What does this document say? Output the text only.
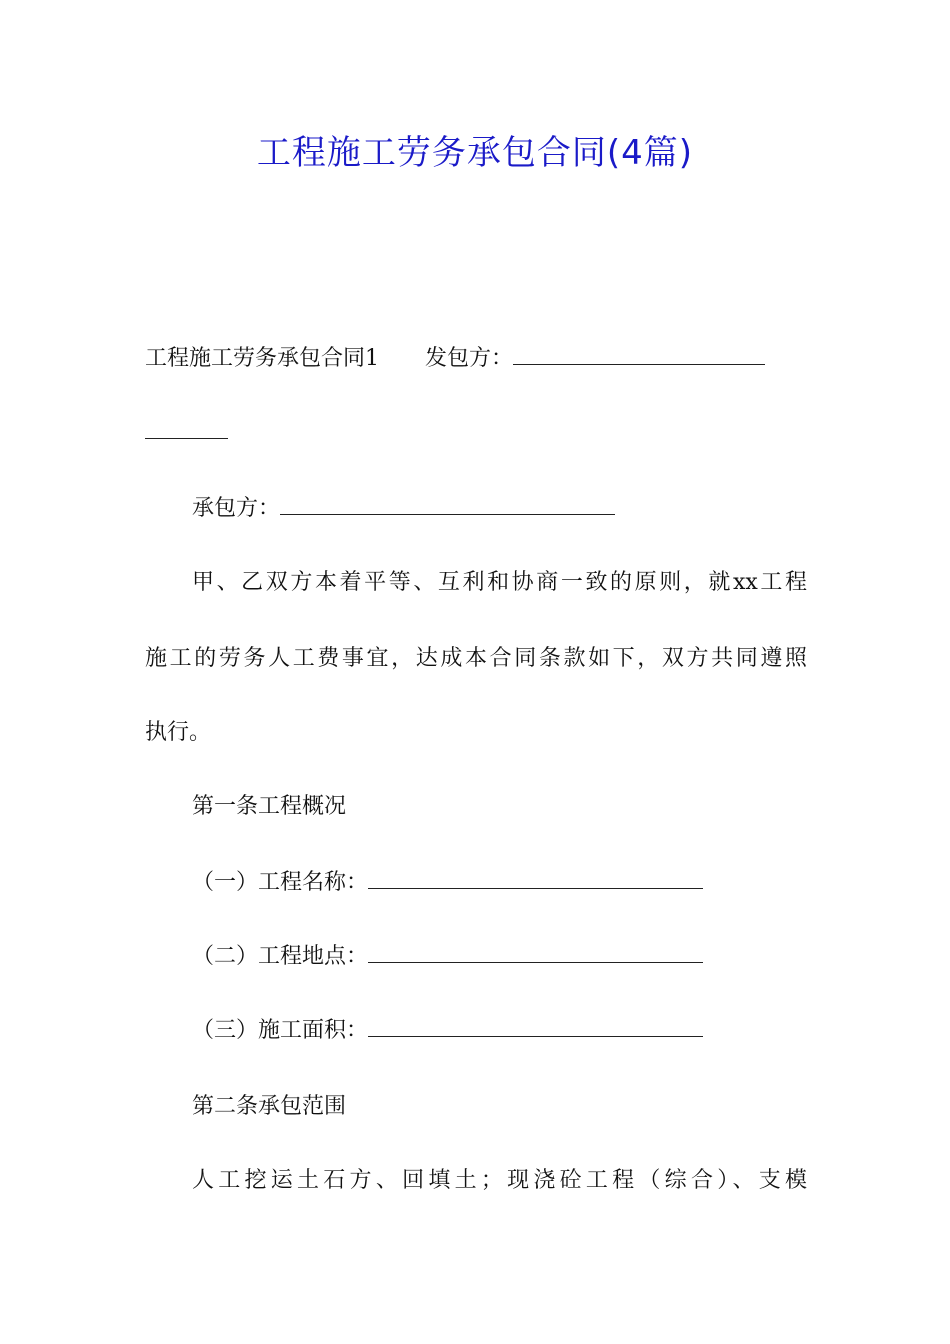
工程施工劳务承包合同(4篇)
工程施工劳务承包合同1 发包方：
承包方：
甲、乙双方本着平等、互利和协商一致的原则，就xx工程
施工的劳务人工费事宜，达成本合同条款如下，双方共同遵照
执行。
第一条工程概况
（一）工程名称：
（二）工程地点：
（三）施工面积：
第二条承包范围
人工挖运土石方、回填土；现浇砼工程（综合）、支模
